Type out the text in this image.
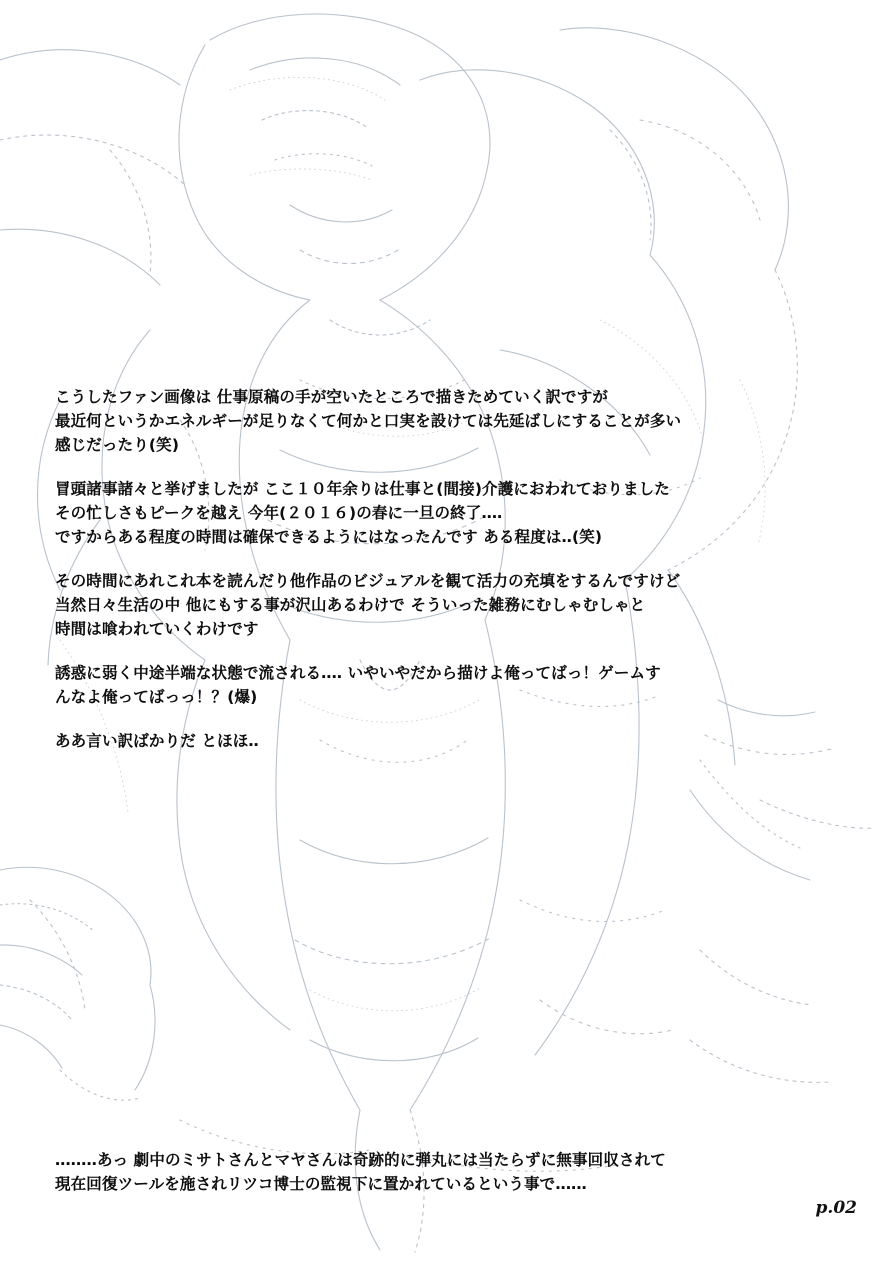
こうしたファン画像は 仕事原稿の手が空いたところで描きためていく訳ですが
最近何というかエネルギーが足りなくて何かと口実を設けては先延ばしにすることが多い
感じだったり(笑)

冒頭諸事諸々と挙げましたが ここ１０年余りは仕事と(間接)介護におわれておりました
その忙しさもピークを越え 今年(２０１６)の春に一旦の終了‥‥
ですからある程度の時間は確保できるようにはなったんです ある程度は‥(笑)

その時間にあれこれ本を読んだり他作品のビジュアルを観て活力の充填をするんですけど
当然日々生活の中 他にもする事が沢山あるわけで そういった雑務にむしゃむしゃと
時間は喰われていくわけです

誘惑に弱く中途半端な状態で流される‥‥ いやいやだから描けよ俺ってばっ！ゲームす
んなよ俺ってばっっ！？(爆)

ああ言い訳ばかりだ とほほ‥

‥‥‥‥あっ 劇中のミサトさんとマヤさんは奇跡的に弾丸には当たらずに無事回収されて
現在回復ツールを施されリツコ博士の監視下に置かれているという事で‥‥‥

p.02
